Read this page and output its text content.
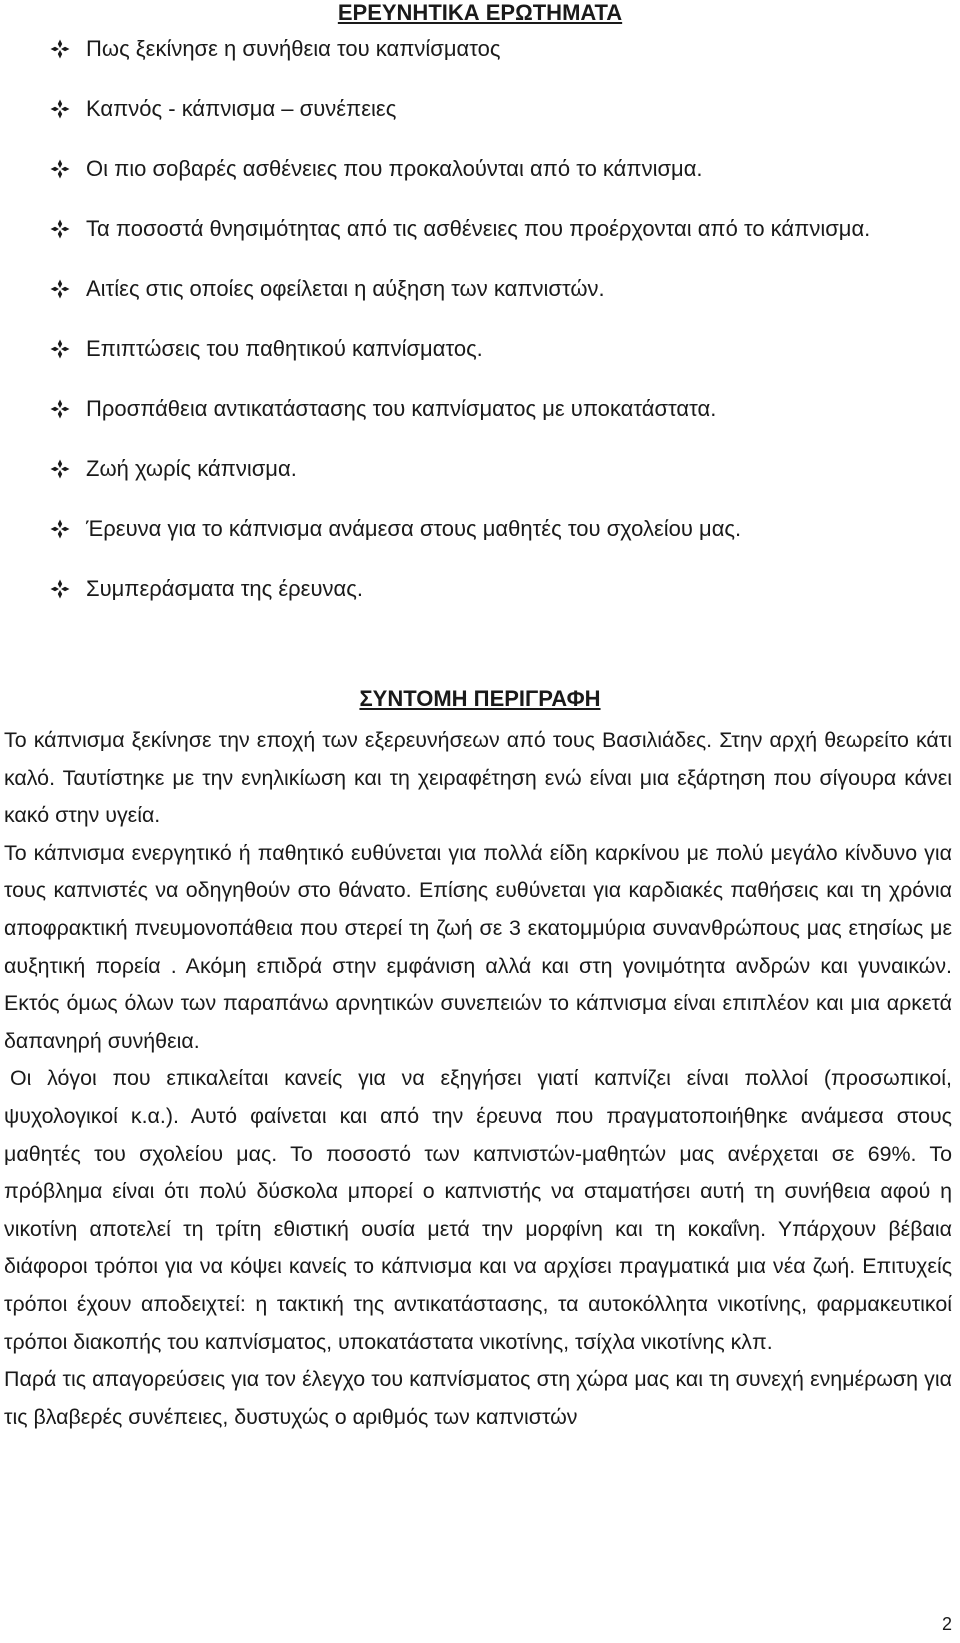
ΕΡΕΥΝΗΤΙΚΑ ΕΡΩΤΗΜΑΤΑ
Πως ξεκίνησε η συνήθεια του καπνίσματος
Καπνός - κάπνισμα – συνέπειες
Οι πιο σοβαρές ασθένειες που προκαλούνται από το κάπνισμα.
Τα ποσοστά θνησιμότητας από τις ασθένειες που προέρχονται από το κάπνισμα.
Αιτίες στις οποίες οφείλεται η αύξηση των καπνιστών.
Επιπτώσεις του παθητικού καπνίσματος.
Προσπάθεια αντικατάστασης του καπνίσματος με υποκατάστατα.
Ζωή χωρίς κάπνισμα.
Έρευνα για το κάπνισμα ανάμεσα στους μαθητές του σχολείου μας.
Συμπεράσματα της έρευνας.
ΣΥΝΤΟΜΗ ΠΕΡΙΓΡΑΦΗ

Το κάπνισμα ξεκίνησε την εποχή των εξερευνήσεων από τους Βασιλιάδες. Στην αρχή θεωρείτο κάτι καλό. Ταυτίστηκε με την ενηλικίωση και τη χειραφέτηση ενώ είναι μια εξάρτηση που σίγουρα κάνει κακό στην υγεία.

Το κάπνισμα ενεργητικό ή παθητικό ευθύνεται για πολλά είδη καρκίνου με πολύ μεγάλο κίνδυνο για τους καπνιστές να οδηγηθούν στο θάνατο. Επίσης ευθύνεται για καρδιακές παθήσεις και τη χρόνια αποφρακτική πνευμονοπάθεια που στερεί τη ζωή σε 3 εκατομμύρια συνανθρώπους μας ετησίως με αυξητική πορεία . Ακόμη επιδρά στην εμφάνιση αλλά και στη γονιμότητα ανδρών και γυναικών. Εκτός όμως όλων των παραπάνω αρνητικών συνεπειών το κάπνισμα είναι επιπλέον και μια αρκετά δαπανηρή συνήθεια.

Οι λόγοι που επικαλείται κανείς για να εξηγήσει γιατί καπνίζει είναι πολλοί (προσωπικοί, ψυχολογικοί κ.α.). Αυτό φαίνεται και από την έρευνα που πραγματοποιήθηκε ανάμεσα στους μαθητές του σχολείου μας. Το ποσοστό των καπνιστών-μαθητών μας ανέρχεται σε 69%. Το πρόβλημα είναι ότι πολύ δύσκολα μπορεί ο καπνιστής να σταματήσει αυτή τη συνήθεια αφού η νικοτίνη αποτελεί τη τρίτη εθιστική ουσία μετά την μορφίνη και τη κοκαΐνη. Υπάρχουν βέβαια διάφοροι τρόποι για να κόψει κανείς το κάπνισμα και να αρχίσει πραγματικά μια νέα ζωή. Επιτυχείς τρόποι έχουν αποδειχτεί: η τακτική της αντικατάστασης, τα αυτοκόλλητα νικοτίνης, φαρμακευτικοί τρόποι διακοπής του καπνίσματος, υποκατάστατα νικοτίνης, τσίχλα νικοτίνης κλπ.

Παρά τις απαγορεύσεις για τον έλεγχο του καπνίσματος στη χώρα μας και τη συνεχή ενημέρωση για τις βλαβερές συνέπειες, δυστυχώς ο αριθμός των καπνιστών

2
